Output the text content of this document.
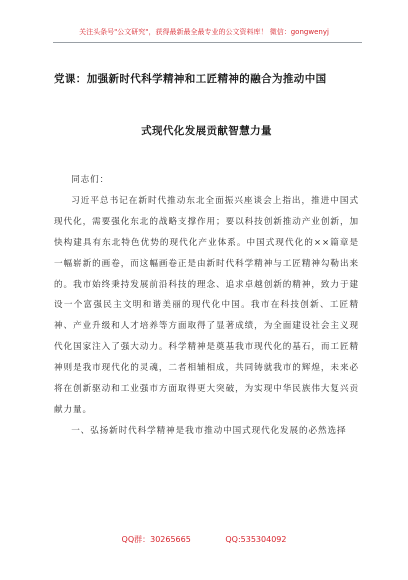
关注头条号"公文研究"，获得最新最全最专业的公文资料库！ 微信：gongwenyj
党课：加强新时代科学精神和工匠精神的融合为推动中国
式现代化发展贡献智慧力量

同志们：

习近平总书记在新时代推动东北全面振兴座谈会上指出，推进中国式现代化，需要强化东北的战略支撑作用；要以科技创新推动产业创新，加快构建具有东北特色优势的现代化产业体系。中国式现代化的××篇章是一幅崭新的画卷，而这幅画卷正是由新时代科学精神与工匠精神勾勒出来的。我市始终秉持发展前沿科技的理念、追求卓越创新的精神，致力于建设一个富强民主文明和谐美丽的现代化中国。我市在科技创新、工匠精神、产业升级和人才培养等方面取得了显著成绩，为全面建设社会主义现代化国家注入了强大动力。科学精神是奠基我市现代化的基石，而工匠精神则是我市现代化的灵魂，二者相辅相成，共同铸就我市的辉煌，未来必将在创新驱动和工业强市方面取得更大突破，为实现中华民族伟大复兴贡献力量。

一、弘扬新时代科学精神是我市推动中国式现代化发展的必然选择

QQ群：30265665	QQ:535304092
